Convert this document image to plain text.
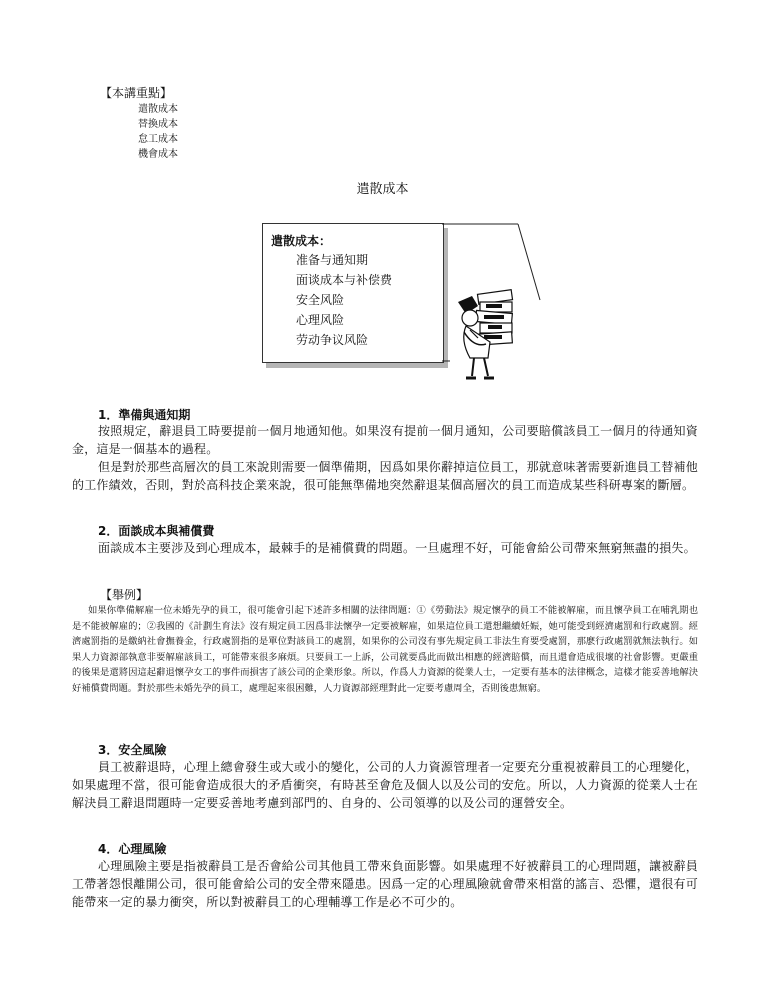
【本講重點】
遣散成本
替換成本
怠工成本
機會成本
遣散成本
遣散成本：
准备与通知期
面谈成本与补偿费
安全风险
心理风险
劳动争议风险
1．準備與通知期
按照規定，辭退員工時要提前一個月地通知他。如果沒有提前一個月通知，公司要賠償該員工一個月的待通知資金，這是一個基本的過程。
但是對於那些高層次的員工來說則需要一個準備期，因爲如果你辭掉這位員工，那就意味著需要新進員工替補他的工作績效，否則，對於高科技企業來說，很可能無準備地突然辭退某個高層次的員工而造成某些科研專案的斷層。
2．面談成本與補償費
面談成本主要涉及到心理成本，最棘手的是補償費的問題。一旦處理不好，可能會給公司帶來無窮無盡的損失。
【舉例】
如果你準備解雇一位未婚先孕的員工，很可能會引起下述許多相關的法律問題：①《勞動法》規定懷孕的員工不能被解雇，而且懷孕員工在哺乳期也是不能被解雇的；②我國的《計劃生育法》沒有規定員工因爲非法懷孕一定要被解雇，如果這位員工還想繼續妊娠，她可能受到經濟處罰和行政處罰。經濟處罰指的是繳納社會撫養金，行政處罰指的是單位對該員工的處罰，如果你的公司沒有事先規定員工非法生育要受處罰，那麽行政處罰就無法執行。如果人力資源部執意非要解雇該員工，可能帶來很多麻煩。只要員工一上訴，公司就要爲此而做出相應的經濟賠償，而且還會造成很壞的社會影響。更嚴重的後果是還將因這起辭退懷孕女工的事件而損害了該公司的企業形象。所以，作爲人力資源的從業人士，一定要有基本的法律概念，這樣才能妥善地解決好補償費問題。對於那些未婚先孕的員工，處理起來很困難，人力資源部經理對此一定要考慮周全，否則後患無窮。
3．安全風險
員工被辭退時，心理上總會發生或大或小的變化，公司的人力資源管理者一定要充分重視被辭員工的心理變化，如果處理不當，很可能會造成很大的矛盾衝突，有時甚至會危及個人以及公司的安危。所以，人力資源的從業人士在解決員工辭退問題時一定要妥善地考慮到部門的、自身的、公司領導的以及公司的運營安全。
4．心理風險
心理風險主要是指被辭員工是否會給公司其他員工帶來負面影響。如果處理不好被辭員工的心理問題，讓被辭員工帶著怨恨離開公司，很可能會給公司的安全帶來隱患。因爲一定的心理風險就會帶來相當的謠言、恐懼，還很有可能帶來一定的暴力衝突，所以對被辭員工的心理輔導工作是必不可少的。
